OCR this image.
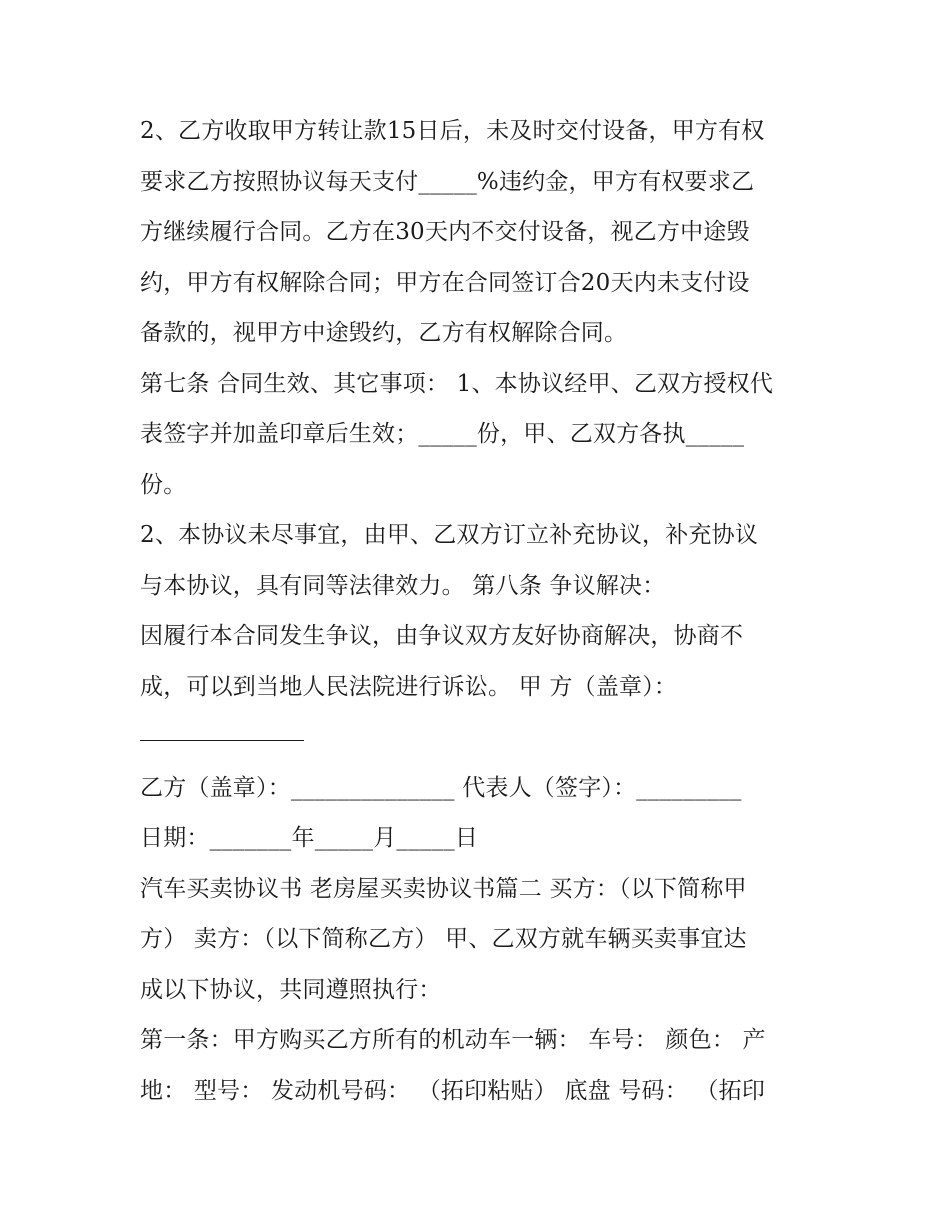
2、乙方收取甲方转让款15日后，未及时交付设备，甲方有权
要求乙方按照协议每天支付_____%违约金，甲方有权要求乙
方继续履行合同。乙方在30天内不交付设备，视乙方中途毁
约，甲方有权解除合同；甲方在合同签订合20天内未支付设
备款的，视甲方中途毁约，乙方有权解除合同。
第七条 合同生效、其它事项： 1、本协议经甲、乙双方授权代
表签字并加盖印章后生效；_____份，甲、乙双方各执_____
份。
2、本协议未尽事宜，由甲、乙双方订立补充协议，补充协议
与本协议，具有同等法律效力。 第八条 争议解决：
因履行本合同发生争议，由争议双方友好协商解决，协商不
成，可以到当地人民法院进行诉讼。 甲 方（盖章）：
乙方（盖章）：______________ 代表人（签字）：_________
日期：_______年_____月_____日
汽车买卖协议书 老房屋买卖协议书篇二 买方：（以下简称甲
方） 卖方：（以下简称乙方） 甲、乙双方就车辆买卖事宜达
成以下协议，共同遵照执行：
第一条：甲方购买乙方所有的机动车一辆： 车号： 颜色： 产
地： 型号： 发动机号码： （拓印粘贴） 底盘 号码： （拓印
